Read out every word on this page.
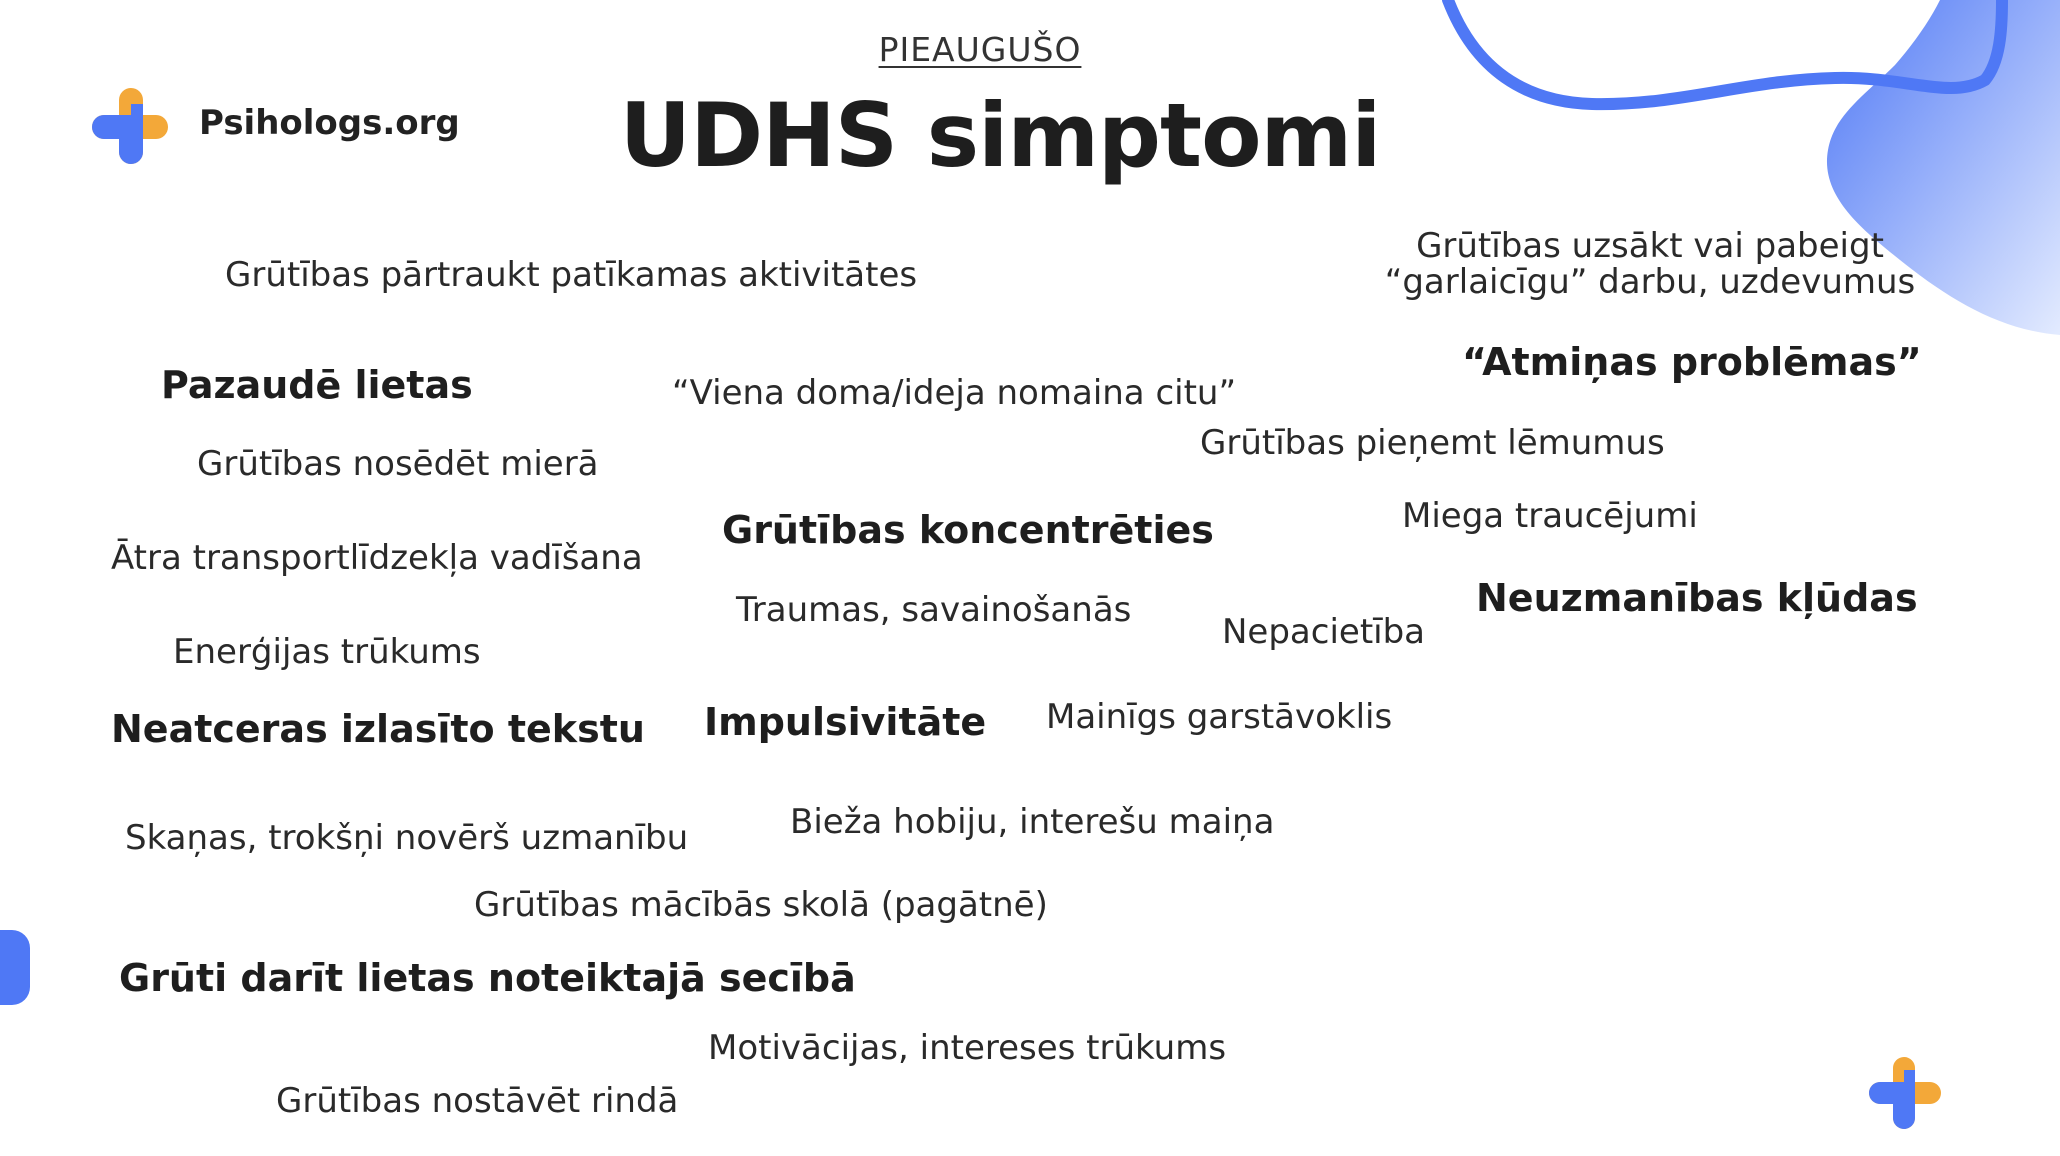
PIEAUGUŠO
UDHS simptomi
Psihologs.org
Grūtības pārtraukt patīkamas aktivitātes
Grūtības uzsākt vai pabeigt
“garlaicīgu” darbu, uzdevumus
Pazaudē lietas	“Viena doma/ideja nomaina citu”
“Atmiņas problēmas”
Grūtības nosēdēt mierā
Grūtības pieņemt lēmumus
Miega traucējumi
Ātra transportlīdzekļa vadīšana
Grūtības koncentrēties
Neuzmanības kļūdas
Traumas, savainošanās
Nepacietība
Enerģijas trūkums
Neatceras izlasīto tekstu Impulsivitāte Mainīgs garstāvoklis
Skaņas, trokšņi novērš uzmanību	Bieža hobiju, interešu maiņa
Grūtības mācībās skolā (pagātnē)
Grūti darīt lietas noteiktajā secībā
Motivācijas, intereses trūkums
Grūtības nostāvēt rindā
